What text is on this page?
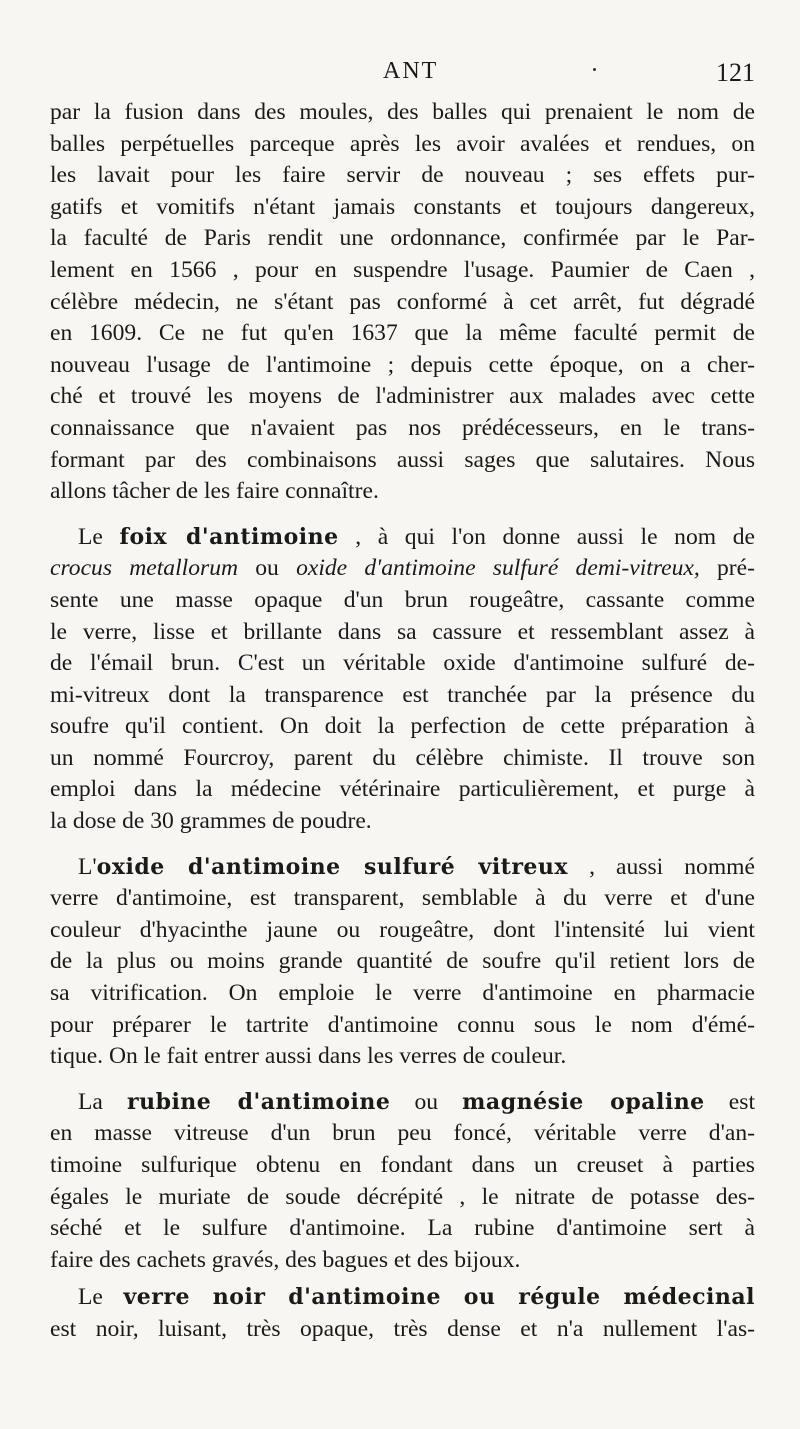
ANT	121
par la fusion dans des moules, des balles qui prenaient le nom de
balles perpétuelles parceque après les avoir avalées et rendues, on
les lavait pour les faire servir de nouveau ; ses effets pur-
gatifs et vomitifs n'étant jamais constants et toujours dangereux,
la faculté de Paris rendit une ordonnance, confirmée par le Par-
lement en 1566 , pour en suspendre l'usage. Paumier de Caen ,
célèbre médecin, ne s'étant pas conformé à cet arrêt, fut dégradé
en 1609. Ce ne fut qu'en 1637 que la même faculté permit de
nouveau l'usage de l'antimoine ; depuis cette époque, on a cher-
ché et trouvé les moyens de l'administrer aux malades avec cette
connaissance que n'avaient pas nos prédécesseurs, en le trans-
formant par des combinaisons aussi sages que salutaires. Nous
allons tâcher de les faire connaître.
Le foix d'antimoine , à qui l'on donne aussi le nom de
crocus metallorum ou oxide d'antimoine sulfuré demi-vitreux, pré-
sente une masse opaque d'un brun rougeâtre, cassante comme
le verre, lisse et brillante dans sa cassure et ressemblant assez à
de l'émail brun. C'est un véritable oxide d'antimoine sulfuré de-
mi-vitreux dont la transparence est tranchée par la présence du
soufre qu'il contient. On doit la perfection de cette préparation à
un nommé Fourcroy, parent du célèbre chimiste. Il trouve son
emploi dans la médecine vétérinaire particulièrement, et purge à
la dose de 30 grammes de poudre.
L'oxide d'antimoine sulfuré vitreux , aussi nommé
verre d'antimoine, est transparent, semblable à du verre et d'une
couleur d'hyacinthe jaune ou rougeâtre, dont l'intensité lui vient
de la plus ou moins grande quantité de soufre qu'il retient lors de
sa vitrification. On emploie le verre d'antimoine en pharmacie
pour préparer le tartrite d'antimoine connu sous le nom d'émé-
tique. On le fait entrer aussi dans les verres de couleur.
La rubine d'antimoine ou magnésie opaline est
en masse vitreuse d'un brun peu foncé, véritable verre d'an-
timoine sulfurique obtenu en fondant dans un creuset à parties
égales le muriate de soude décrépité , le nitrate de potasse des-
séché et le sulfure d'antimoine. La rubine d'antimoine sert à
faire des cachets gravés, des bagues et des bijoux.
Le verre noir d'antimoine ou régule médecinal
est noir, luisant, très opaque, très dense et n'a nullement l'as-
